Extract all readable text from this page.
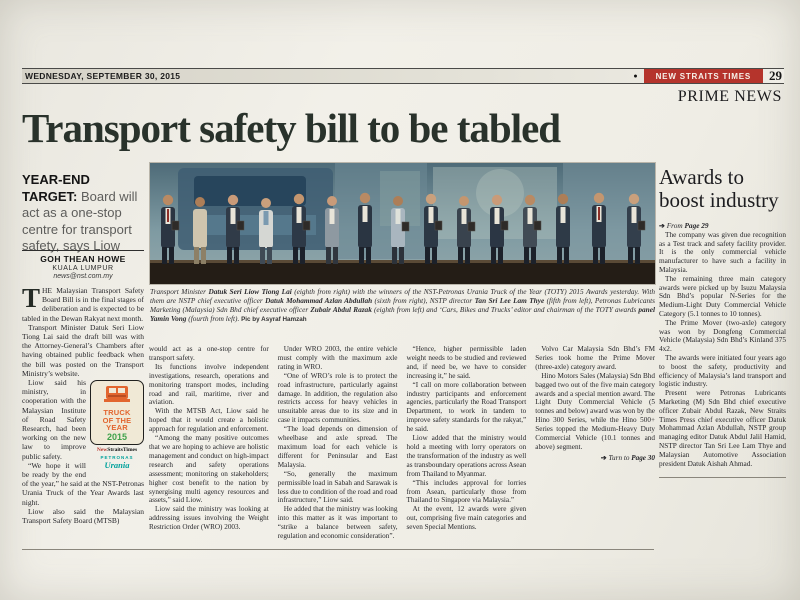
WEDNESDAY, SEPTEMBER 30, 2015	●	NEW STRAITS TIMES	29
PRIME NEWS
Transport safety bill to be tabled
YEAR-END TARGET: Board will act as a one-stop centre for transport safety, says Liow

Transport Minister Datuk Seri Liow Tiong Lai (eighth from right) with the winners of the NST-Petronas Urania Truck of the Year (TOTY) 2015 Awards yesterday. With them are NSTP chief executive officer Datuk Mohammad Azlan Abdullah (sixth from right), NSTP director Tan Sri Lee Lam Thye (fifth from left), Petronas Lubricants Marketing (Malaysia) Sdn Bhd chief executive officer Zubair Abdul Razak (eighth from left) and ‘Cars, Bikes and Trucks’ editor and chairman of the TOTY awards panel Yamin Vong (fourth from left). Pic by Asyraf Hamzah

GOH THEAN HOWE
KUALA LUMPUR
news@nst.com.my

THE Malaysian Transport Safety Board Bill is in the final stages of deliberation and is expected to be tabled in the Dewan Rakyat next month.

Transport Minister Datuk Seri Liow Tiong Lai said the draft bill was with the Attorney-General’s Chambers after having obtained public feedback when the bill was posted on the Transport Ministry’s website.

TRUCK
OF THE
YEAR
2015
NewStraitsTimes
PETRONAS
Urania

Liow said his ministry, in cooperation with the Malaysian Institute of Road Safety Research, had been working on the new law to improve public safety.

“We hope it will be ready by the end of the year,” he said at the NST-Petronas Urania Truck of the Year Awards last night.

Liow also said the Malaysian Transport Safety Board (MTSB)

would act as a one-stop centre for transport safety.

Its functions involve independent investigations, research, operations and monitoring transport modes, including road and rail, maritime, river and aviation.

With the MTSB Act, Liow said he hoped that it would create a holistic approach for regulation and enforcement.

“Among the many positive outcomes that we are hoping to achieve are holistic management and conduct on high-impact research and safety operations assessment; monitoring on stakeholders; higher cost benefit to the nation by synergising multi agency resources and assets,” said Liow.

Liow said the ministry was looking at addressing issues involving the Weight Restriction Order (WRO) 2003.

Under WRO 2003, the entire vehicle must comply with the maximum axle rating in WRO.

“One of WRO’s role is to protect the road infrastructure, particularly against damage. In addition, the regulation also restricts access for heavy vehicles in unsuitable areas due to its size and in case it impacts communities.

“The load depends on dimension of wheelbase and axle spread. The maximum load for each vehicle is different for Peninsular and East Malaysia.

“So, generally the maximum permissible load in Sabah and Sarawak is less due to condition of the road and road infrastructure,” Liow said.

He added that the ministry was looking into this matter as it was important to “strike a balance between safety, regulation and economic consideration”.

“Hence, higher permissible laden weight needs to be studied and reviewed and, if need be, we have to consider increasing it,” he said.

“I call on more collaboration between industry participants and enforcement agencies, particularly the Road Transport Department, to work in tandem to improve safety standards for the rakyat,” he said.

Liow added that the ministry would hold a meeting with lorry operators on the transformation of the industry as well as transboundary operations across Asean from Thailand to Myanmar.

“This includes approval for lorries from Asean, particularly those from Thailand to Singapore via Malaysia.”

At the event, 12 awards were given out, comprising five main categories and seven Special Mentions.

Volvo Car Malaysia Sdn Bhd’s FM Series took home the Prime Mover (three-axle) category award.

Hino Motors Sales (Malaysia) Sdn Bhd bagged two out of the five main category awards and a special mention award. The Light Duty Commercial Vehicle (5 tonnes and below) award was won by the Hino 300 Series, while the Hino 500+ Series topped the Medium-Heavy Duty Commercial Vehicle (10.1 tonnes and above) segment.

➔ Turn to Page 30

Awards to boost industry

➔ From Page 29

The company was given due recognition as a Test track and safety facility provider. It is the only commercial vehicle manufacturer to have such a facility in Malaysia.

The remaining three main category awards were picked up by Isuzu Malaysia Sdn Bhd’s popular N-Series for the Medium-Light Duty Commercial Vehicle Category (5.1 tonnes to 10 tonnes).

The Prime Mover (two-axle) category was won by Dongfeng Commercial Vehicle (Malaysia) Sdn Bhd’s Kinland 375 4x2.

The awards were initiated four years ago to boost the safety, productivity and efficiency of Malaysia’s land transport and logistic industry.

Present were Petronas Lubricants Marketing (M) Sdn Bhd chief executive officer Zubair Abdul Razak, New Straits Times Press chief executive officer Datuk Mohammad Azlan Abdullah, NSTP group managing editor Datuk Abdul Jalil Hamid, NSTP director Tan Sri Lee Lam Thye and Malaysian Automotive Association president Datuk Aishah Ahmad.
